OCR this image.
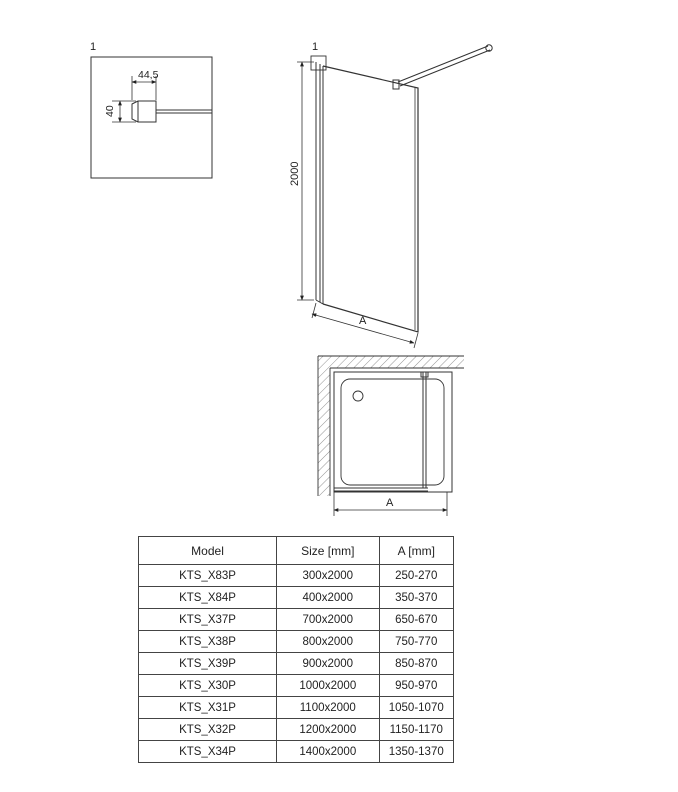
1
44,5
40
1
2000
A
A
Model	Size [mm]	A [mm]
KTS_X83P	300x2000	250-270
KTS_X84P	400x2000	350-370
KTS_X37P	700x2000	650-670
KTS_X38P	800x2000	750-770
KTS_X39P	900x2000	850-870
KTS_X30P	1000x2000	950-970
KTS_X31P	1100x2000	1050-1070
KTS_X32P	1200x2000	1150-1170
KTS_X34P	1400x2000	1350-1370
